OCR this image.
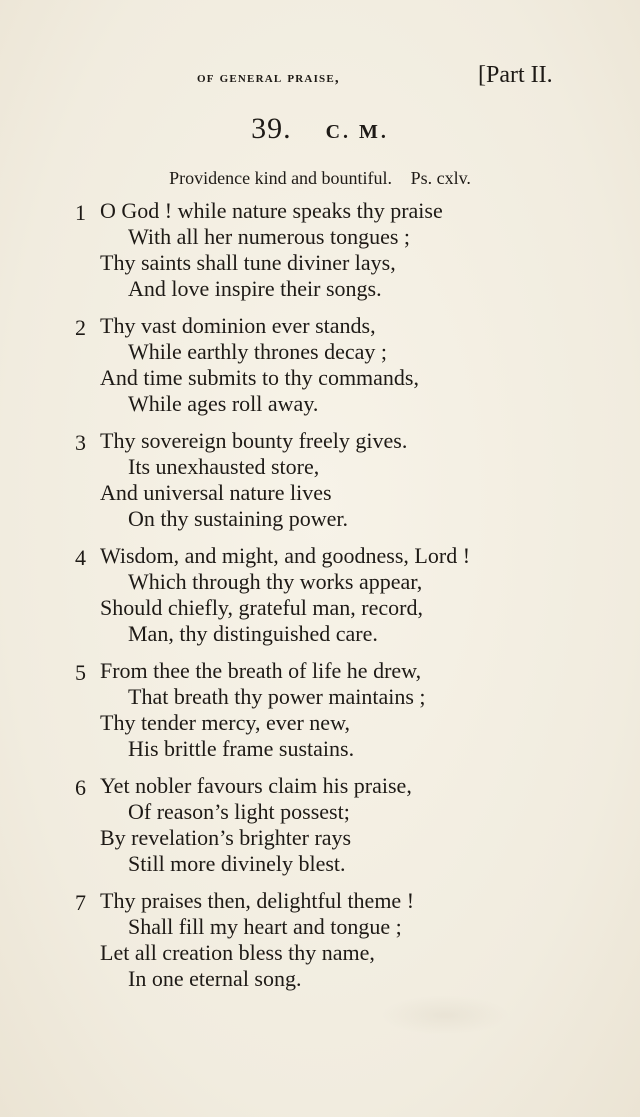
of general praise,	[Part II.
39. C. M.
Providence kind and bountiful. Ps. cxlv.
1 O God ! while nature speaks thy praise
With all her numerous tongues ;
Thy saints shall tune diviner lays,
And love inspire their songs.
2 Thy vast dominion ever stands,
While earthly thrones decay ;
And time submits to thy commands,
While ages roll away.
3 Thy sovereign bounty freely gives.
Its unexhausted store,
And universal nature lives
On thy sustaining power.
4 Wisdom, and might, and goodness, Lord !
Which through thy works appear,
Should chiefly, grateful man, record,
Man, thy distinguished care.
5 From thee the breath of life he drew,
That breath thy power maintains ;
Thy tender mercy, ever new,
His brittle frame sustains.
6 Yet nobler favours claim his praise,
Of reason’s light possest;
By revelation’s brighter rays
Still more divinely blest.
7 Thy praises then, delightful theme !
Shall fill my heart and tongue ;
Let all creation bless thy name,
In one eternal song.
